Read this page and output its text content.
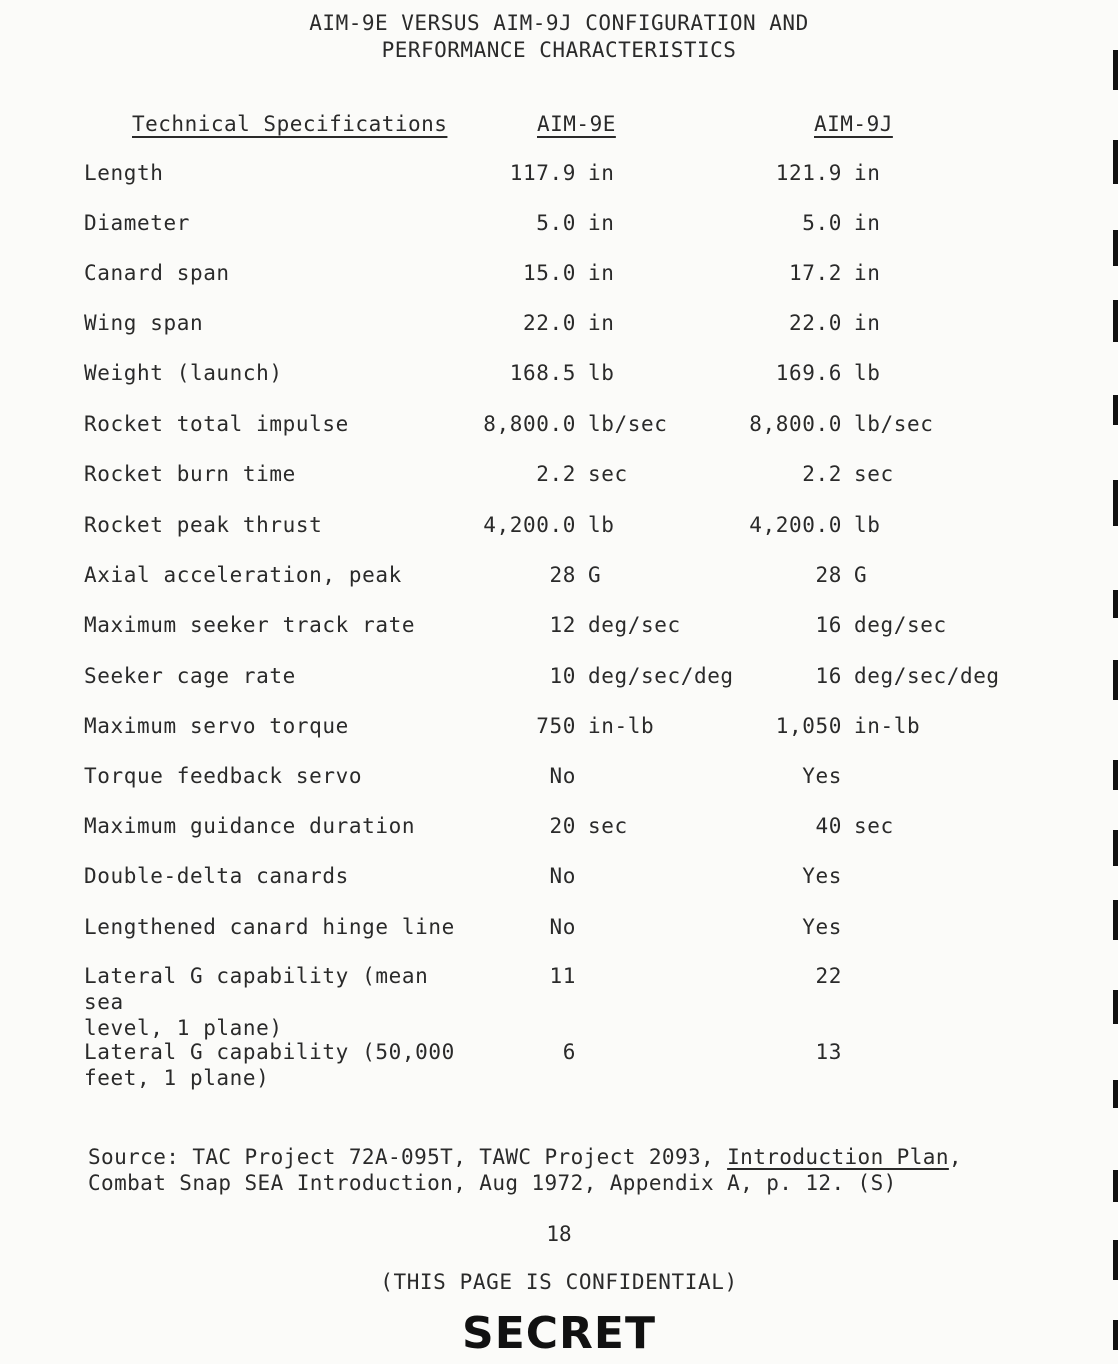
AIM-9E VERSUS AIM-9J CONFIGURATION AND
PERFORMANCE CHARACTERISTICS
Technical Specifications	AIM-9E	AIM-9J
Length	117.9 in	121.9 in
Diameter	5.0 in	5.0 in
Canard span	15.0 in	17.2 in
Wing span	22.0 in	22.0 in
Weight (launch)	168.5 lb	169.6 lb
Rocket total impulse	8,800.0 lb/sec	8,800.0 lb/sec
Rocket burn time	2.2 sec	2.2 sec
Rocket peak thrust	4,200.0 lb	4,200.0 lb
Axial acceleration, peak	28 G	28 G
Maximum seeker track rate	12 deg/sec	16 deg/sec
Seeker cage rate	10 deg/sec/deg	16 deg/sec/deg
Maximum servo torque	750 in-lb	1,050 in-lb
Torque feedback servo	No	Yes
Maximum guidance duration	20 sec	40 sec
Double-delta canards	No	Yes
Lengthened canard hinge line	No	Yes
Lateral G capability (mean sea
level, 1 plane)
11	22
Lateral G capability (50,000
feet, 1 plane)
6	13
Source: TAC Project 72A-095T, TAWC Project 2093, Introduction Plan, Combat Snap SEA Introduction, Aug 1972, Appendix A, p. 12. (S)
18
(THIS PAGE IS CONFIDENTIAL)
SECRET
